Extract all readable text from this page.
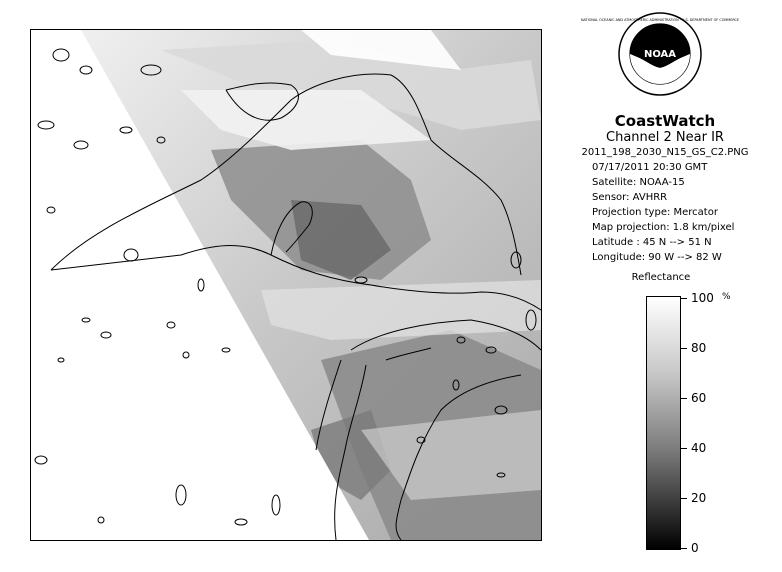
NOAA
NATIONAL OCEANIC AND ATMOSPHERIC ADMINISTRATION · U.S. DEPARTMENT OF COMMERCE
CoastWatch
Channel 2 Near IR
2011_198_2030_N15_GS_C2.PNG
07/17/2011 20:30 GMT
Satellite: NOAA-15
Sensor: AVHRR
Projection type: Mercator
Map projection: 1.8 km/pixel
Latitude : 45 N --> 51 N
Longitude: 90 W --> 82 W
Reflectance
%
100
80
60
40
20
0
